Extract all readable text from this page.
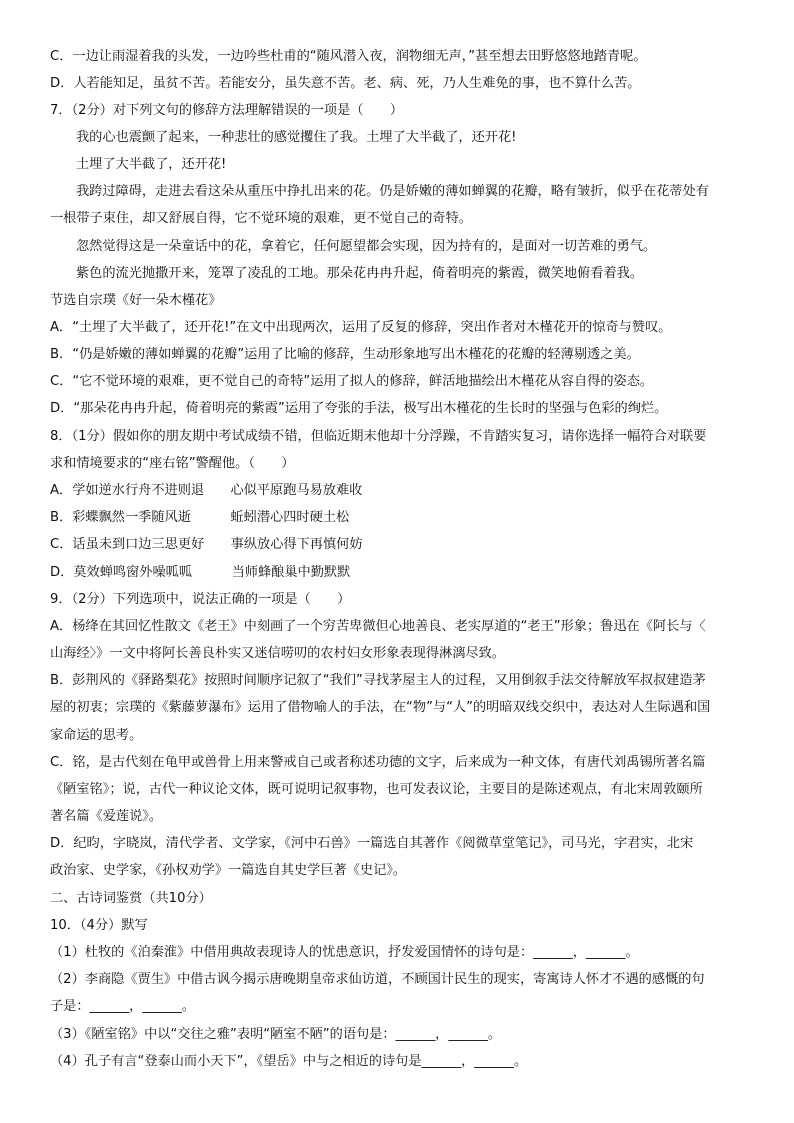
C．一边让雨湿着我的头发，一边吟些杜甫的“随风潜入夜，润物细无声，”甚至想去田野悠悠地踏青呢。
D．人若能知足，虽贫不苦。若能安分，虽失意不苦。老、病、死，乃人生难免的事，也不算什么苦。
7．（2分）对下列文句的修辞方法理解错误的一项是（　　）
我的心也震颤了起来，一种悲壮的感觉攫住了我。土埋了大半截了，还开花!
土埋了大半截了，还开花!
我跨过障碍，走进去看这朵从重压中挣扎出来的花。仍是娇嫩的薄如蝉翼的花瓣，略有皱折，似乎在花蒂处有
一根带子束住，却又舒展自得，它不觉环境的艰难，更不觉自己的奇特。
忽然觉得这是一朵童话中的花，拿着它，任何愿望都会实现，因为持有的，是面对一切苦难的勇气。
紫色的流光抛撒开来，笼罩了凌乱的工地。那朵花冉冉升起，倚着明亮的紫霞，微笑地俯看着我。
节选自宗璞《好一朵木槿花》
A．“土埋了大半截了，还开花!”在文中出现两次，运用了反复的修辞，突出作者对木槿花开的惊奇与赞叹。
B．“仍是娇嫩的薄如蝉翼的花瓣”运用了比喻的修辞，生动形象地写出木槿花的花瓣的轻薄剔透之美。
C．“它不觉环境的艰难，更不觉自己的奇特”运用了拟人的修辞，鲜活地描绘出木槿花从容自得的姿态。
D．“那朵花冉冉升起，倚着明亮的紫霞”运用了夸张的手法，极写出木槿花的生长时的坚强与色彩的绚烂。
8．（1分）假如你的朋友期中考试成绩不错，但临近期末他却十分浮躁，不肯踏实复习，请你选择一幅符合对联要
求和情境要求的“座右铭”警醒他。（　　）
A．学如逆水行舟不进则退　　心似平原跑马易放难收
B．彩蝶飘然一季随风逝　　　蚯蚓潜心四时硬土松
C．话虽未到口边三思更好　　事纵放心得下再慎何妨
D．莫效蝉鸣窗外噪呱呱　　　当师蜂酿巢中勤默默
9．（2分）下列选项中，说法正确的一项是（　　）
A．杨绛在其回忆性散文《老王》中刻画了一个穷苦卑微但心地善良、老实厚道的“老王”形象；鲁迅在《阿长与〈
山海经〉》一文中将阿长善良朴实又迷信唠叨的农村妇女形象表现得淋漓尽致。
B．彭荆风的《驿路梨花》按照时间顺序记叙了“我们”寻找茅屋主人的过程，又用倒叙手法交待解放军叔叔建造茅
屋的初衷；宗璞的《紫藤萝瀑布》运用了借物喻人的手法，在“物”与“人”的明暗双线交织中，表达对人生际遇和国
家命运的思考。
C．铭，是古代刻在龟甲或兽骨上用来警戒自己或者称述功德的文字，后来成为一种文体，有唐代刘禹锡所著名篇
《陋室铭》；说，古代一种议论文体，既可说明记叙事物，也可发表议论，主要目的是陈述观点，有北宋周敦颐所
著名篇《爱莲说》。
D．纪昀，字晓岚，清代学者、文学家，《河中石兽》一篇选自其著作《阅微草堂笔记》，司马光，字君实，北宋
政治家、史学家，《孙权劝学》一篇选自其史学巨著《史记》。
二、古诗词鉴赏（共10分）
10．（4分）默写
（1）杜牧的《泊秦淮》中借用典故表现诗人的忧患意识，抒发爱国情怀的诗句是：______，______。
（2）李商隐《贾生》中借古讽今揭示唐晚期皇帝求仙访道，不顾国计民生的现实，寄寓诗人怀才不遇的感慨的句
子是：______，______。
（3）《陋室铭》中以“交往之雅”表明“陋室不陋”的语句是：______，______。
（4）孔子有言“登泰山而小天下”，《望岳》中与之相近的诗句是______，______。
